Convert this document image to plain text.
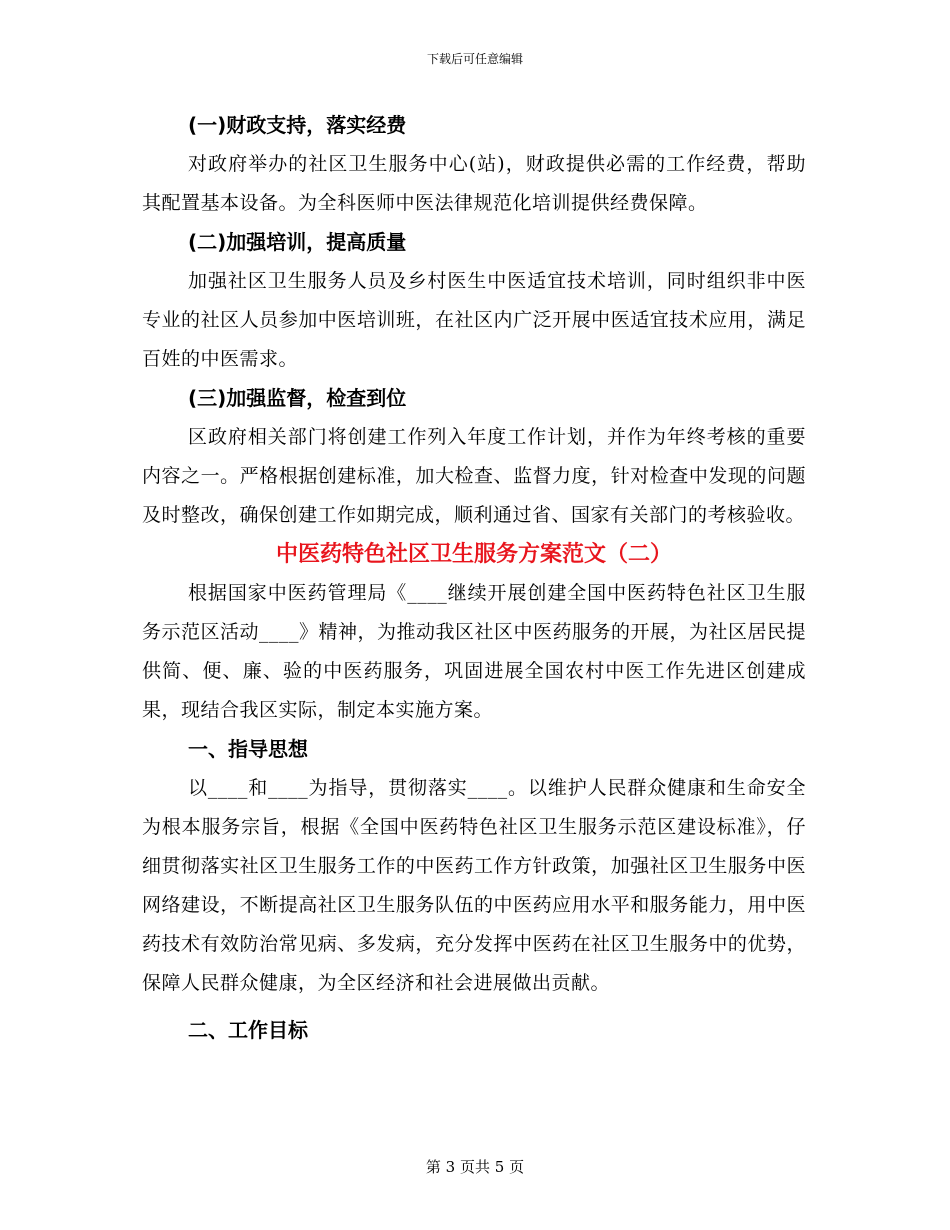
下载后可任意编辑
(一)财政支持，落实经费
对政府举办的社区卫生服务中心(站)，财政提供必需的工作经费，帮助其配置基本设备。为全科医师中医法律规范化培训提供经费保障。
(二)加强培训，提高质量
加强社区卫生服务人员及乡村医生中医适宜技术培训，同时组织非中医专业的社区人员参加中医培训班，在社区内广泛开展中医适宜技术应用，满足百姓的中医需求。
(三)加强监督，检查到位
区政府相关部门将创建工作列入年度工作计划，并作为年终考核的重要内容之一。严格根据创建标准，加大检查、监督力度，针对检查中发现的问题及时整改，确保创建工作如期完成，顺利通过省、国家有关部门的考核验收。
中医药特色社区卫生服务方案范文（二）
根据国家中医药管理局《____继续开展创建全国中医药特色社区卫生服务示范区活动____》精神，为推动我区社区中医药服务的开展，为社区居民提供简、便、廉、验的中医药服务，巩固进展全国农村中医工作先进区创建成果，现结合我区实际，制定本实施方案。
一、指导思想
以____和____为指导，贯彻落实____。以维护人民群众健康和生命安全为根本服务宗旨，根据《全国中医药特色社区卫生服务示范区建设标准》，仔细贯彻落实社区卫生服务工作的中医药工作方针政策，加强社区卫生服务中医网络建设，不断提高社区卫生服务队伍的中医药应用水平和服务能力，用中医药技术有效防治常见病、多发病，充分发挥中医药在社区卫生服务中的优势，保障人民群众健康，为全区经济和社会进展做出贡献。
二、工作目标
第 3 页共 5 页
